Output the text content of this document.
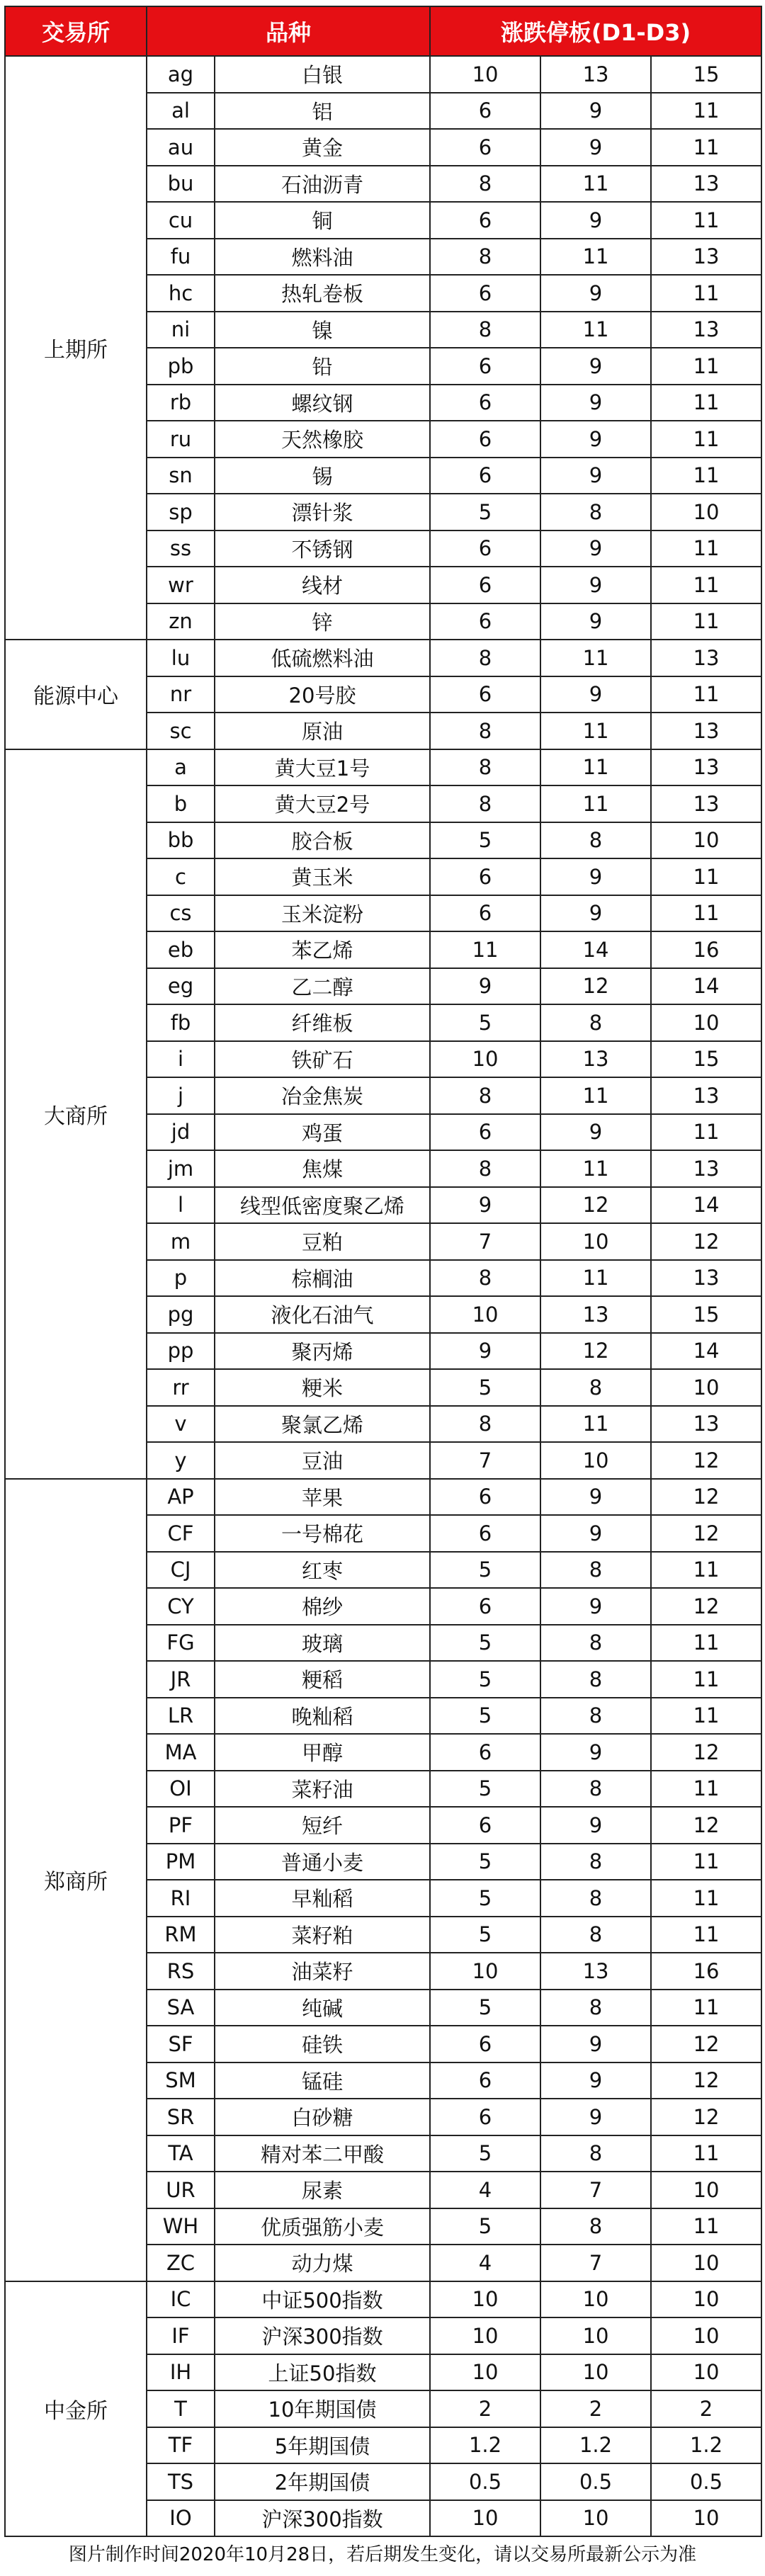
交易所	品种		涨跌停板(D1-D3)		
上期所	ag	白银	10	13	15
	al	铝	6	9	11
	au	黄金	6	9	11
	bu	石油沥青	8	11	13
	cu	铜	6	9	11
	fu	燃料油	8	11	13
	hc	热轧卷板	6	9	11
	ni	镍	8	11	13
	pb	铅	6	9	11
	rb	螺纹钢	6	9	11
	ru	天然橡胶	6	9	11
	sn	锡	6	9	11
	sp	漂针浆	5	8	10
	ss	不锈钢	6	9	11
	wr	线材	6	9	11
	zn	锌	6	9	11
能源中心	lu	低硫燃料油	8	11	13
	nr	20号胶	6	9	11
	sc	原油	8	11	13
大商所	a	黄大豆1号	8	11	13
	b	黄大豆2号	8	11	13
	bb	胶合板	5	8	10
	c	黄玉米	6	9	11
	cs	玉米淀粉	6	9	11
	eb	苯乙烯	11	14	16
	eg	乙二醇	9	12	14
	fb	纤维板	5	8	10
	i	铁矿石	10	13	15
	j	冶金焦炭	8	11	13
	jd	鸡蛋	6	9	11
	jm	焦煤	8	11	13
	l	线型低密度聚乙烯	9	12	14
	m	豆粕	7	10	12
	p	棕榈油	8	11	13
	pg	液化石油气	10	13	15
	pp	聚丙烯	9	12	14
	rr	粳米	5	8	10
	v	聚氯乙烯	8	11	13
	y	豆油	7	10	12
郑商所	AP	苹果	6	9	12
	CF	一号棉花	6	9	12
	CJ	红枣	5	8	11
	CY	棉纱	6	9	12
	FG	玻璃	5	8	11
	JR	粳稻	5	8	11
	LR	晚籼稻	5	8	11
	MA	甲醇	6	9	12
	OI	菜籽油	5	8	11
	PF	短纤	6	9	12
	PM	普通小麦	5	8	11
	RI	早籼稻	5	8	11
	RM	菜籽粕	5	8	11
	RS	油菜籽	10	13	16
	SA	纯碱	5	8	11
	SF	硅铁	6	9	12
	SM	锰硅	6	9	12
	SR	白砂糖	6	9	12
	TA	精对苯二甲酸	5	8	11
	UR	尿素	4	7	10
	WH	优质强筋小麦	5	8	11
	ZC	动力煤	4	7	10
中金所	IC	中证500指数	10	10	10
	IF	沪深300指数	10	10	10
	IH	上证50指数	10	10	10
	T	10年期国债	2	2	2
	TF	5年期国债	1.2	1.2	1.2
	TS	2年期国债	0.5	0.5	0.5
	IO	沪深300指数	10	10	10
图片制作时间2020年10月28日，若后期发生变化，请以交易所最新公示为准
